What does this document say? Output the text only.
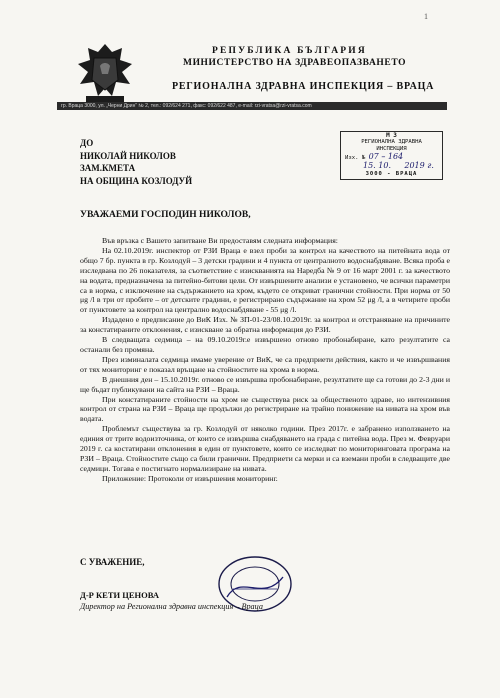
РЕПУБЛИКА БЪЛГАРИЯ
МИНИСТЕРСТВО НА ЗДРАВЕОПАЗВАНЕТО
РЕГИОНАЛНА ЗДРАВНА ИНСПЕКЦИЯ – ВРАЦА
гр. Враца 3000, ул. „Черни Дрин“ № 2, тел.: 092/624 271, факс: 092/622 487, e-mail: rzi-vratsa@rzi-vratsa.com
1
ДО
НИКОЛАЙ НИКОЛОВ
ЗАМ.КМЕТА
НА ОБЩИНА КОЗЛОДУЙ
М З
РЕГИОНАЛНА ЗДРАВНА
ИНСПЕКЦИЯ
Изх. № 07 – 164
15. 10. 2019 г.
3000 - ВРАЦА
УВАЖАЕМИ ГОСПОДИН НИКОЛОВ,

Във връзка с Вашето запитване Ви предоставям следната информация:

На 02.10.2019г. инспектор от РЗИ Враца е взел проби за контрол на качеството на питейната вода от общо 7 бр. пункта в гр. Козлодуй – 3 детски градини и 4 пункта от централното водоснабдяване. Всяка проба е изследвана по 26 показателя, за съответствие с изискванията на Наредба № 9 от 16 март 2001 г. за качеството на водата, предназначена за питейно-битови цели. От извършените анализи е установено, че всички параметри са в норма, с изключение на съдържанието на хром, където се откриват гранични стойности. При норма от 50 μg /l в три от пробите – от детските градини, е регистрирано съдържание на хром 52 μg /l, а в четирите проби от пунктовете за контрол на централно водоснабдяване - 55 μg /l.

Издадено е предписание до ВиК Изх. № ЗП-01-23/08.10.2019г. за контрол и отстраняване на причините за констатираните отклонения, с изискване за обратна информация до РЗИ.

В следващата седмица – на 09.10.2019г.е извършено отново пробонабиране, като резултатите са останали без промяна.

През изминалата седмица имаме уверение от ВиК, че са предприети действия, както и че извършвания от тях мониторинг е показал връщане на стойностите на хрома в норма.

В днешния ден – 15.10.2019г. отново се извършва пробонабиране, резултатите ще са готови до 2-3 дни и ще бъдат публикувани на сайта на РЗИ – Враца.

При констатираните стойности на хром не съществува риск за общественото здраве, но интензивния контрол от страна на РЗИ – Враца ще продължи до регистриране на трайно понижение на нивата на хром във водата.

Проблемът съществува за гр. Козлодуй от няколко години. През 2017г. е забранено използването на единия от трите водоизточника, от които се извършва снабдяването на града с питейна вода. През м. Февруари 2019 г. са костатирани отклонения в един от пунктовете, които се изследват по мониторинговата програма на РЗИ – Враца. Стойностите също са били гранични. Предприети са мерки и са вземани проби в следващите две седмици. Тогава е постигнато нормализиране на нивата.

Приложение: Протоколи от извършения мониторинг.

С УВАЖЕНИЕ,
Д-Р КЕТИ ЦЕНОВА
Директор на Регионална здравна инспекция – Враца
